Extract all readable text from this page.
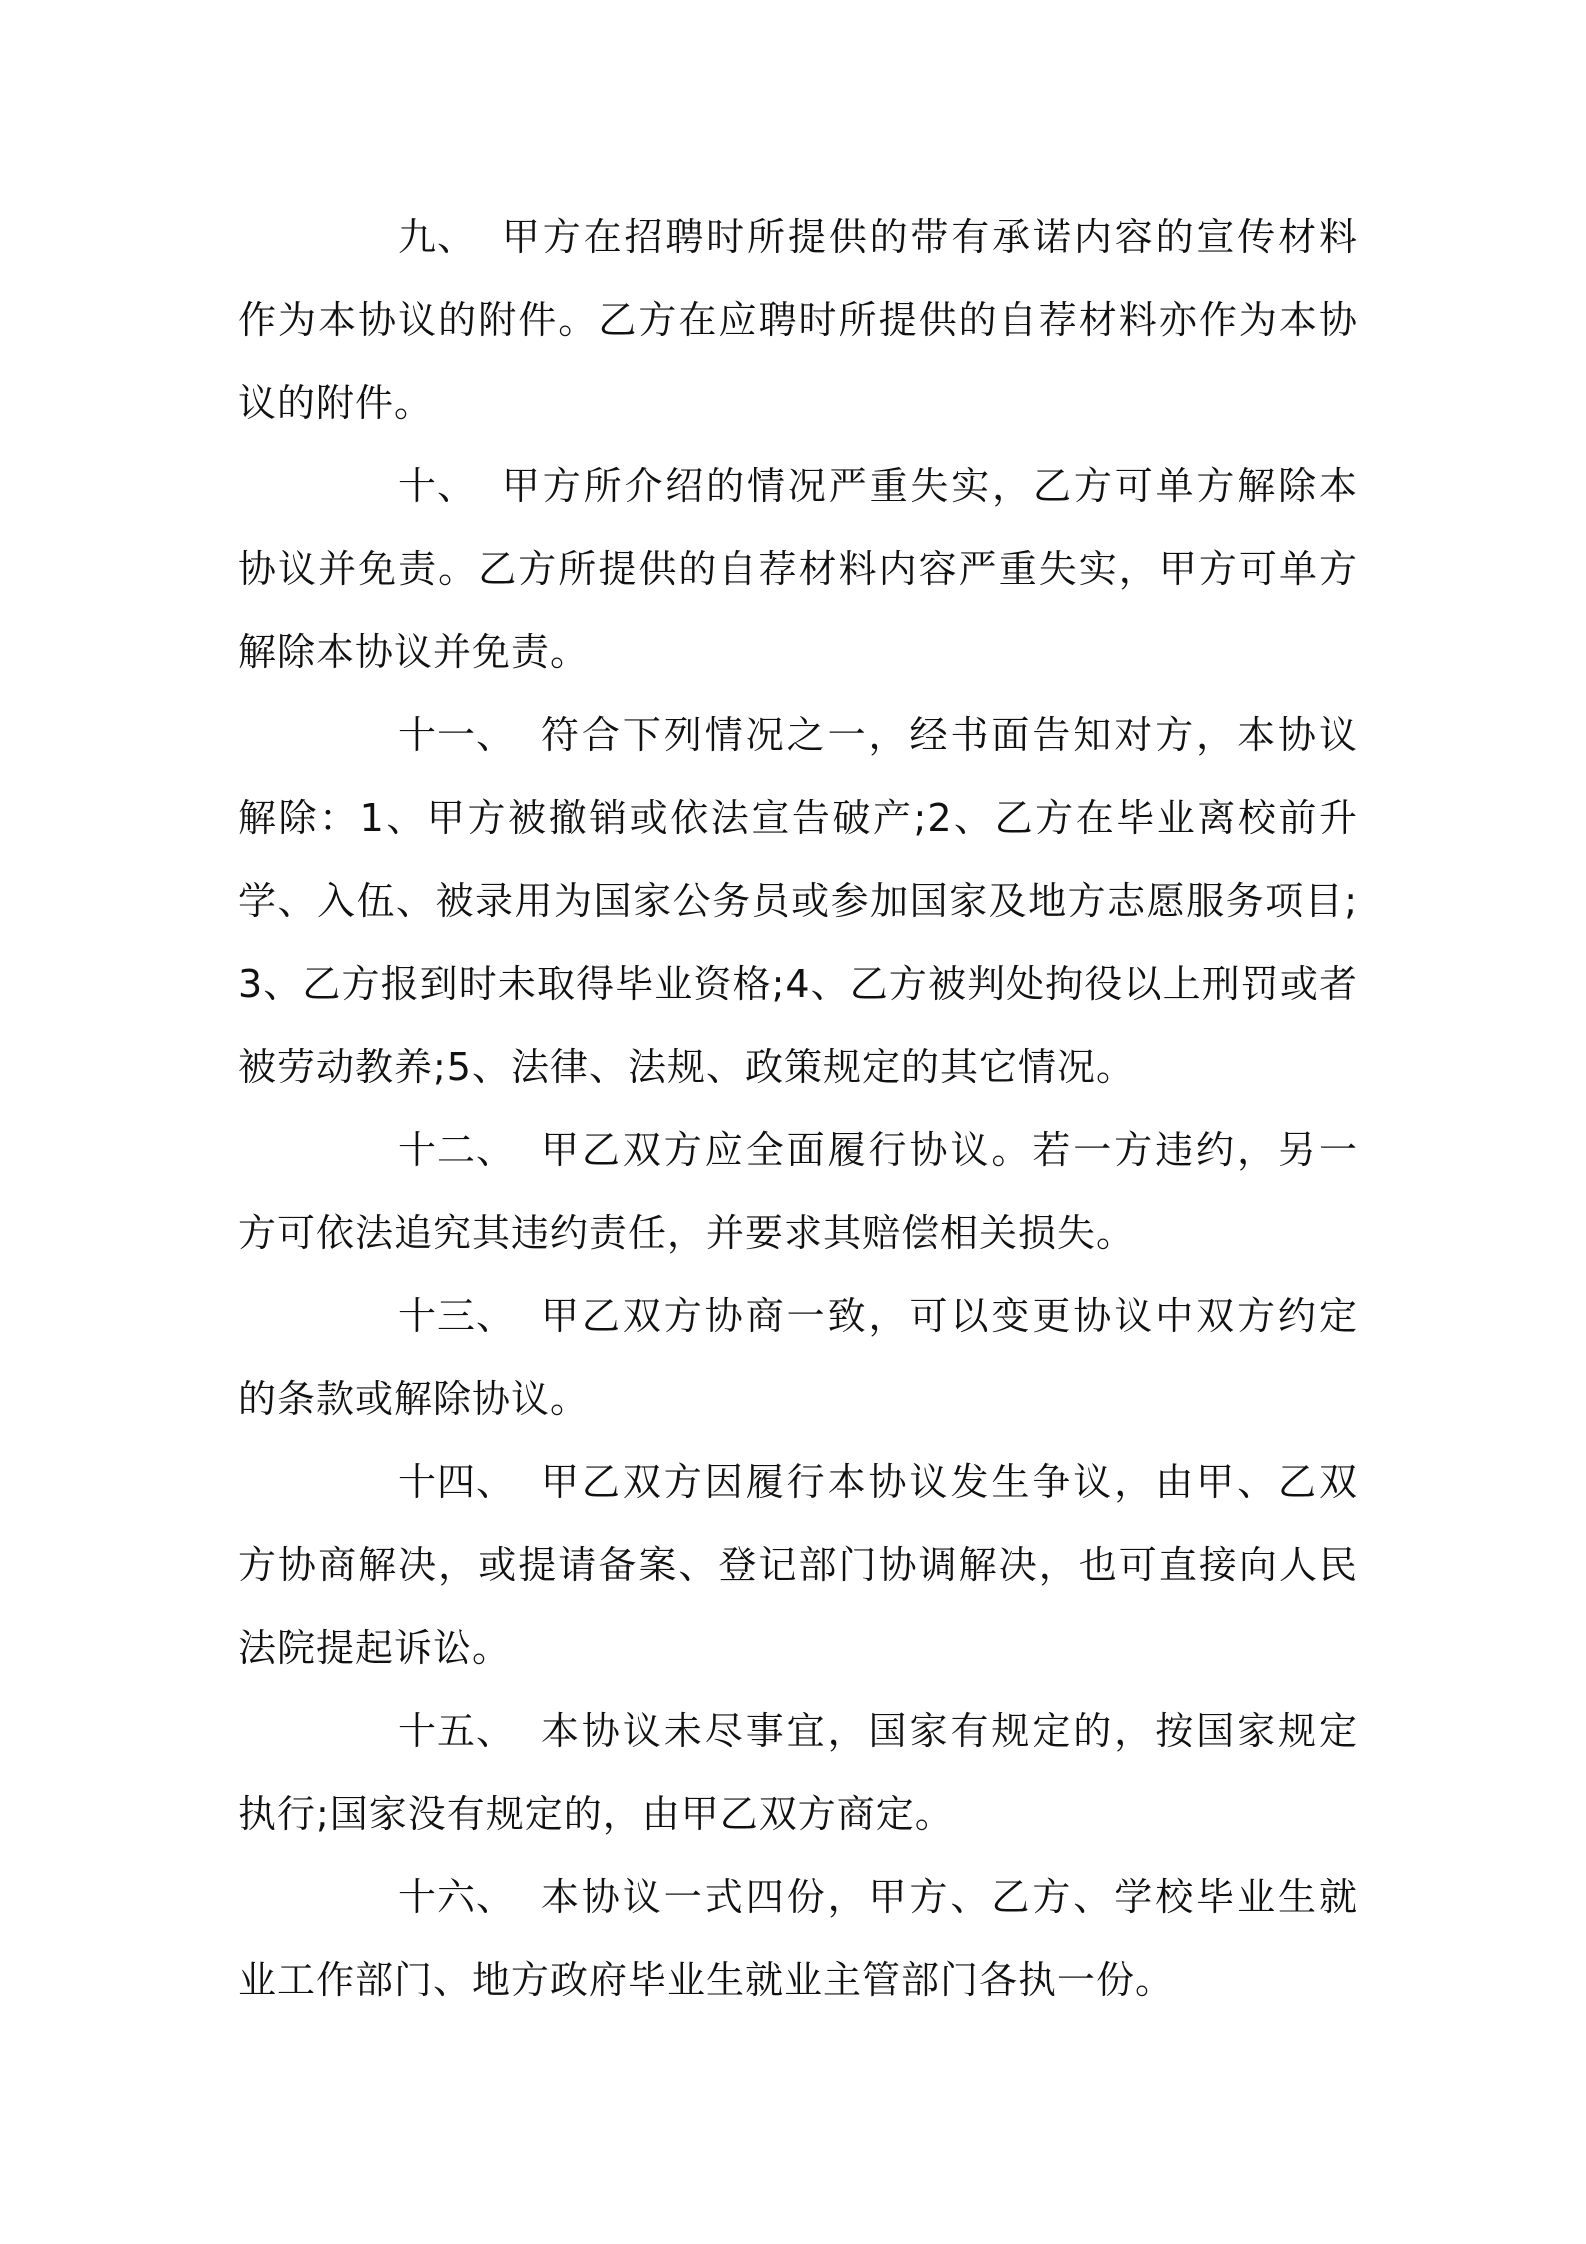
九、 甲方在招聘时所提供的带有承诺内容的宣传材料作为本协议的附件。乙方在应聘时所提供的自荐材料亦作为本协议的附件。

十、 甲方所介绍的情况严重失实，乙方可单方解除本协议并免责。乙方所提供的自荐材料内容严重失实，甲方可单方解除本协议并免责。

十一、 符合下列情况之一，经书面告知对方，本协议解除：1、甲方被撤销或依法宣告破产;2、乙方在毕业离校前升学、入伍、被录用为国家公务员或参加国家及地方志愿服务项目;3、乙方报到时未取得毕业资格;4、乙方被判处拘役以上刑罚或者被劳动教养;5、法律、法规、政策规定的其它情况。

十二、 甲乙双方应全面履行协议。若一方违约，另一方可依法追究其违约责任，并要求其赔偿相关损失。

十三、 甲乙双方协商一致，可以变更协议中双方约定的条款或解除协议。

十四、 甲乙双方因履行本协议发生争议，由甲、乙双方协商解决，或提请备案、登记部门协调解决，也可直接向人民法院提起诉讼。

十五、 本协议未尽事宜，国家有规定的，按国家规定执行;国家没有规定的，由甲乙双方商定。

十六、 本协议一式四份，甲方、乙方、学校毕业生就业工作部门、地方政府毕业生就业主管部门各执一份。
